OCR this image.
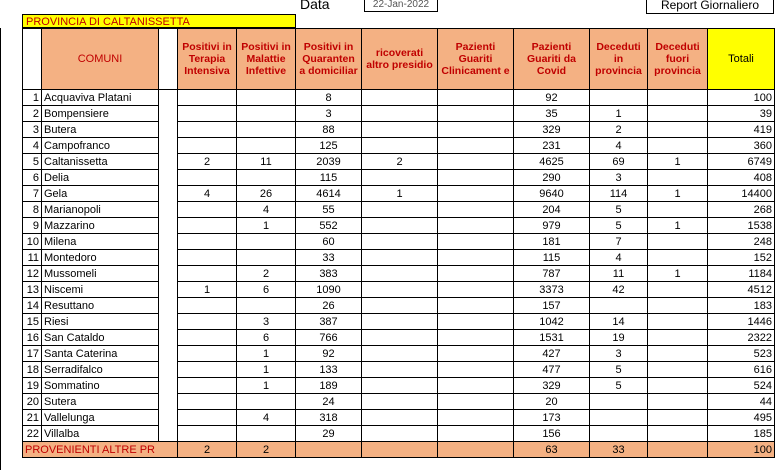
PROVINCIA DI CALTANISSETTA
Data	22-Jan-2022	Report Giornaliero
	COMUNI		Positivi in Terapia Intensiva	Positivi in Malattie Infettive	Positivi in Quaranten a domiciliar	ricoverati altro presidio	Pazienti Guariti Clinicament e	Pazienti Guariti da Covid	Deceduti in provincia	Deceduti fuori provincia	Totali
1	Acquaviva Platani				8			92			100
2	Bompensiere				3			35	1		39
3	Butera				88			329	2		419
4	Campofranco				125			231	4		360
5	Caltanissetta		2	11	2039	2		4625	69	1	6749
6	Delia				115			290	3		408
7	Gela		4	26	4614	1		9640	114	1	14400
8	Marianopoli			4	55			204	5		268
9	Mazzarino			1	552			979	5	1	1538
10	Milena				60			181	7		248
11	Montedoro				33			115	4		152
12	Mussomeli			2	383			787	11	1	1184
13	Niscemi		1	6	1090			3373	42		4512
14	Resuttano				26			157			183
15	Riesi			3	387			1042	14		1446
16	San Cataldo			6	766			1531	19		2322
17	Santa Caterina			1	92			427	3		523
18	Serradifalco			1	133			477	5		616
19	Sommatino			1	189			329	5		524
20	Sutera				24			20			44
21	Vallelunga			4	318			173			495
22	Villalba				29			156			185
PROVENIENTI ALTRE PR			2	2				63	33		100
